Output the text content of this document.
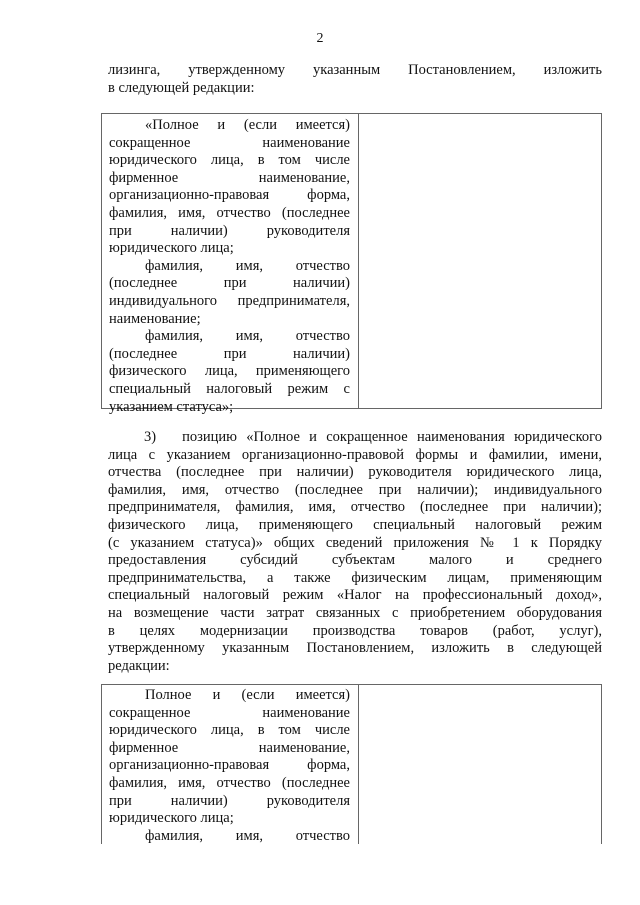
2
лизинга, утвержденному указанным Постановлением, изложить
в следующей редакции:
«Полное и (если имеется)
сокращенное наименование
юридического лица, в том числе
фирменное наименование,
организационно-правовая форма,
фамилия, имя, отчество (последнее
при наличии) руководителя
юридического лица;
фамилия, имя, отчество
(последнее при наличии)
индивидуального предпринимателя,
наименование;
фамилия, имя, отчество
(последнее при наличии)
физического лица, применяющего
специальный налоговый режим с
указанием статуса»;
3) позицию «Полное и сокращенное наименования юридического
лица с указанием организационно-правовой формы и фамилии, имени,
отчества (последнее при наличии) руководителя юридического лица,
фамилия, имя, отчество (последнее при наличии); индивидуального
предпринимателя, фамилия, имя, отчество (последнее при наличии);
физического лица, применяющего специальный налоговый режим
(с указанием статуса)» общих сведений приложения № 1 к Порядку
предоставления субсидий субъектам малого и среднего
предпринимательства, а также физическим лицам, применяющим
специальный налоговый режим «Налог на профессиональный доход»,
на возмещение части затрат связанных с приобретением оборудования
в целях модернизации производства товаров (работ, услуг),
утвержденному указанным Постановлением, изложить в следующей
редакции:
Полное и (если имеется)
сокращенное наименование
юридического лица, в том числе
фирменное наименование,
организационно-правовая форма,
фамилия, имя, отчество (последнее
при наличии) руководителя
юридического лица;
фамилия, имя, отчество
